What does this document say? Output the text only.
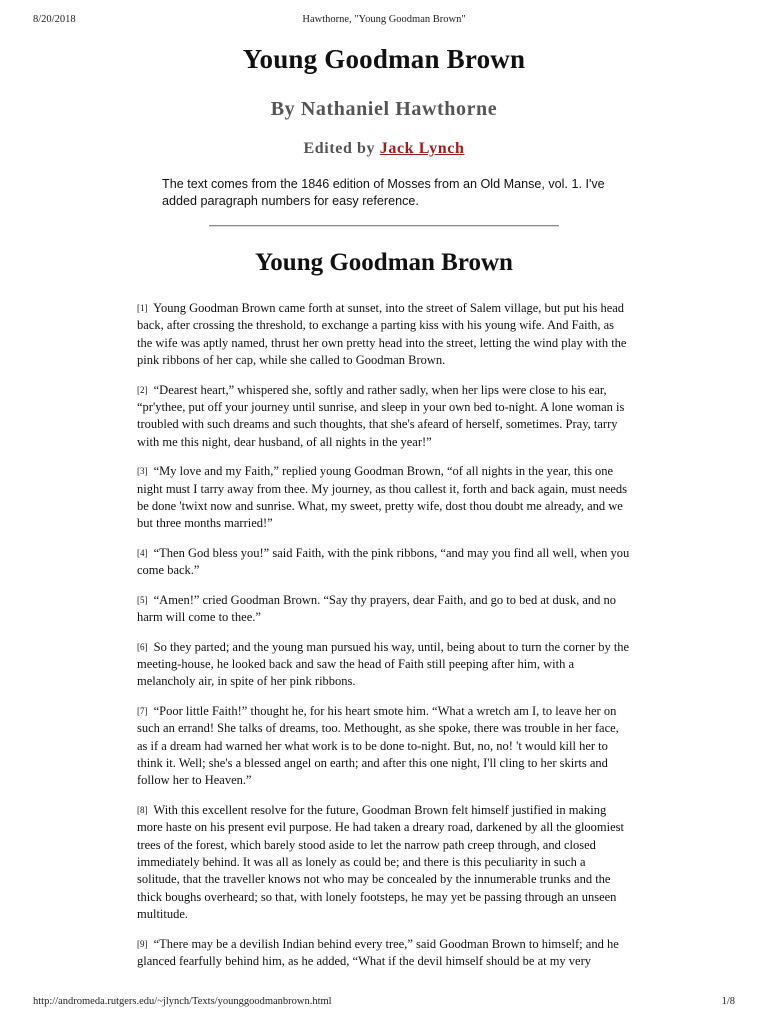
8/20/2018	Hawthorne, "Young Goodman Brown"
Young Goodman Brown
By Nathaniel Hawthorne
Edited by Jack Lynch

The text comes from the 1846 edition of Mosses from an Old Manse, vol. 1. I've added paragraph numbers for easy reference.

Young Goodman Brown

[1] Young Goodman Brown came forth at sunset, into the street of Salem village, but put his head back, after crossing the threshold, to exchange a parting kiss with his young wife. And Faith, as the wife was aptly named, thrust her own pretty head into the street, letting the wind play with the pink ribbons of her cap, while she called to Goodman Brown.

[2] “Dearest heart,” whispered she, softly and rather sadly, when her lips were close to his ear, “pr'ythee, put off your journey until sunrise, and sleep in your own bed to-night. A lone woman is troubled with such dreams and such thoughts, that she's afeard of herself, sometimes. Pray, tarry with me this night, dear husband, of all nights in the year!”

[3] “My love and my Faith,” replied young Goodman Brown, “of all nights in the year, this one night must I tarry away from thee. My journey, as thou callest it, forth and back again, must needs be done 'twixt now and sunrise. What, my sweet, pretty wife, dost thou doubt me already, and we but three months married!”

[4] “Then God bless you!” said Faith, with the pink ribbons, “and may you find all well, when you come back.”

[5] “Amen!” cried Goodman Brown. “Say thy prayers, dear Faith, and go to bed at dusk, and no harm will come to thee.”

[6] So they parted; and the young man pursued his way, until, being about to turn the corner by the meeting-house, he looked back and saw the head of Faith still peeping after him, with a melancholy air, in spite of her pink ribbons.

[7] “Poor little Faith!” thought he, for his heart smote him. “What a wretch am I, to leave her on such an errand! She talks of dreams, too. Methought, as she spoke, there was trouble in her face, as if a dream had warned her what work is to be done to-night. But, no, no! 't would kill her to think it. Well; she's a blessed angel on earth; and after this one night, I'll cling to her skirts and follow her to Heaven.”

[8] With this excellent resolve for the future, Goodman Brown felt himself justified in making more haste on his present evil purpose. He had taken a dreary road, darkened by all the gloomiest trees of the forest, which barely stood aside to let the narrow path creep through, and closed immediately behind. It was all as lonely as could be; and there is this peculiarity in such a solitude, that the traveller knows not who may be concealed by the innumerable trunks and the thick boughs overheard; so that, with lonely footsteps, he may yet be passing through an unseen multitude.

[9] “There may be a devilish Indian behind every tree,” said Goodman Brown to himself; and he glanced fearfully behind him, as he added, “What if the devil himself should be at my very

http://andromeda.rutgers.edu/~jlynch/Texts/younggoodmanbrown.html	1/8
